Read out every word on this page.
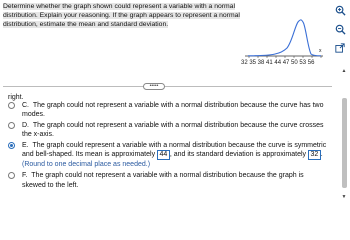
Determine whether the graph shown could represent a variable with a normal distribution. Explain your reasoning. If the graph appears to represent a normal distribution, estimate the mean and standard deviation.
x
32 35 38 41 44 47 50 53 56
•••••
right.
C. The graph could not represent a variable with a normal distribution because the curve has two modes.
D. The graph could not represent a variable with a normal distribution because the curve crosses the x-axis.
E. The graph could represent a variable with a normal distribution because the curve is symmetric and bell-shaped. Its mean is approximately 44 , and its standard deviation is approximately 32 .
(Round to one decimal place as needed.)
F. The graph could not represent a variable with a normal distribution because the graph is skewed to the left.
▲
▼
